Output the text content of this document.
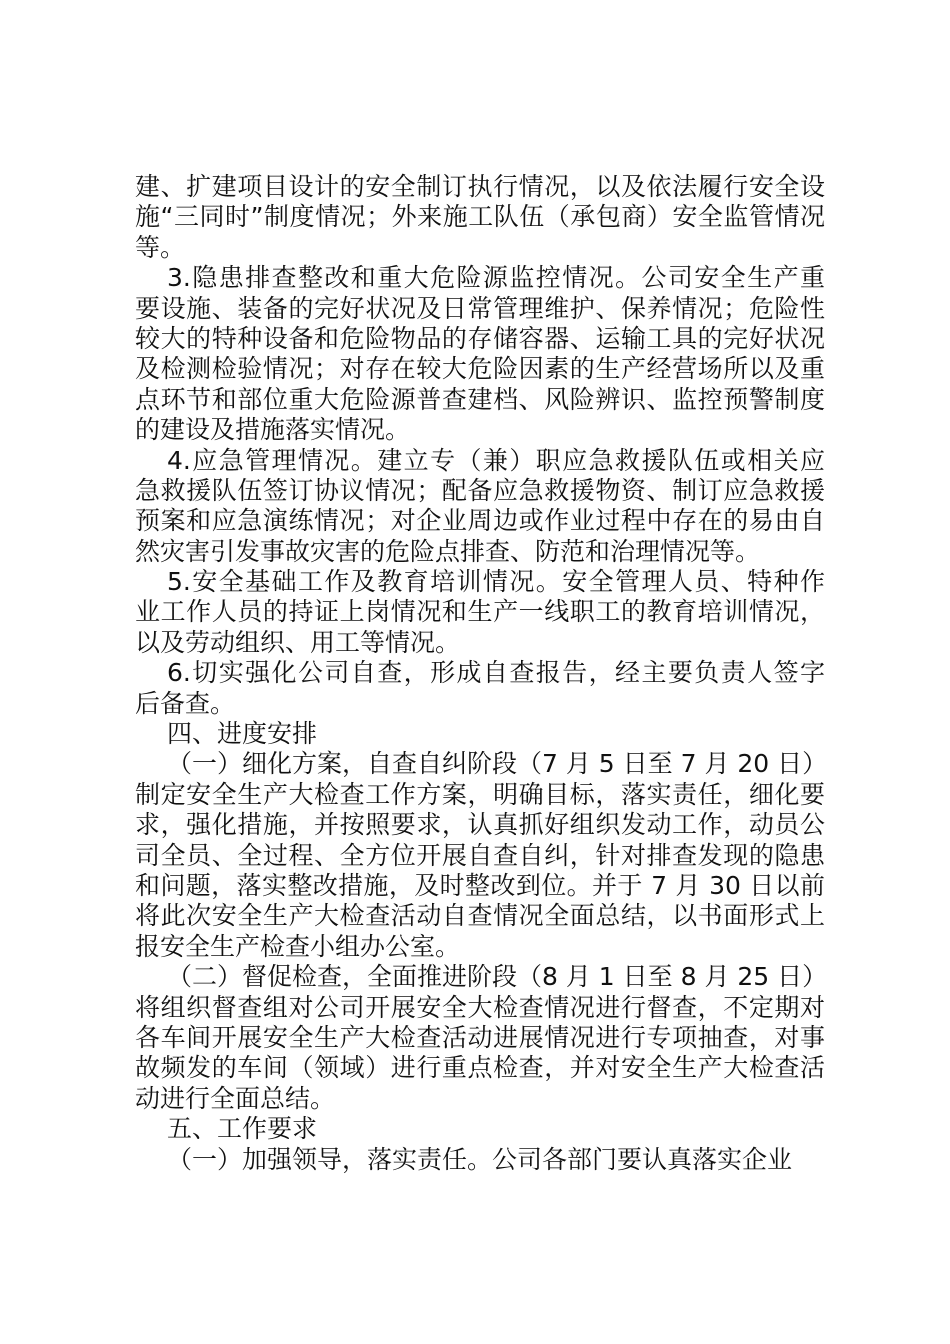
建、扩建项目设计的安全制订执行情况，以及依法履行安全设
施“三同时”制度情况；外来施工队伍（承包商）安全监管情况
等。
3.隐患排查整改和重大危险源监控情况。公司安全生产重
要设施、装备的完好状况及日常管理维护、保养情况；危险性
较大的特种设备和危险物品的存储容器、运输工具的完好状况
及检测检验情况；对存在较大危险因素的生产经营场所以及重
点环节和部位重大危险源普查建档、风险辨识、监控预警制度
的建设及措施落实情况。
4.应急管理情况。建立专（兼）职应急救援队伍或相关应
急救援队伍签订协议情况；配备应急救援物资、制订应急救援
预案和应急演练情况；对企业周边或作业过程中存在的易由自
然灾害引发事故灾害的危险点排查、防范和治理情况等。
5.安全基础工作及教育培训情况。安全管理人员、特种作
业工作人员的持证上岗情况和生产一线职工的教育培训情况，
以及劳动组织、用工等情况。
6.切实强化公司自查，形成自查报告，经主要负责人签字
后备查。
四、进度安排
（一）细化方案，自查自纠阶段（7 月 5 日至 7 月 20 日）
制定安全生产大检查工作方案，明确目标，落实责任，细化要
求，强化措施，并按照要求，认真抓好组织发动工作，动员公
司全员、全过程、全方位开展自查自纠，针对排查发现的隐患
和问题，落实整改措施，及时整改到位。并于 7 月 30 日以前
将此次安全生产大检查活动自查情况全面总结，以书面形式上
报安全生产检查小组办公室。
（二）督促检查，全面推进阶段（8 月 1 日至 8 月 25 日）
将组织督查组对公司开展安全大检查情况进行督查，不定期对
各车间开展安全生产大检查活动进展情况进行专项抽查，对事
故频发的车间（领域）进行重点检查，并对安全生产大检查活
动进行全面总结。
五、工作要求
（一）加强领导，落实责任。公司各部门要认真落实企业
